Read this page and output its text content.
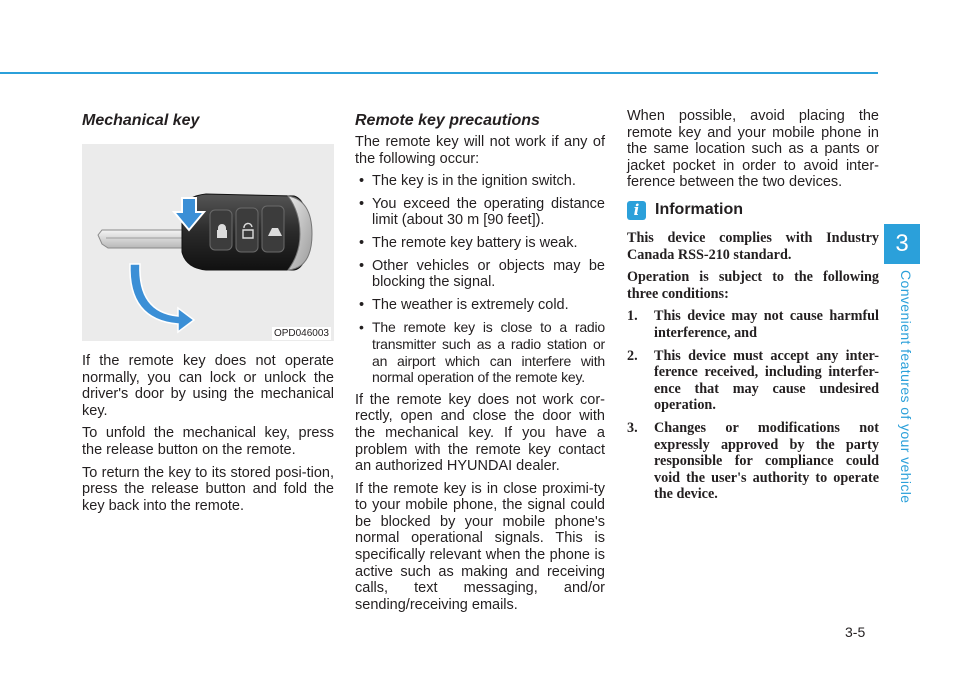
Mechanical key
OPD046003

If the remote key does not operate normally, you can lock or unlock the driver's door by using the mechanical key.

To unfold the mechanical key, press the release button on the remote.

To return the key to its stored posi-tion, press the release button and fold the key back into the remote.

Remote key precautions

The remote key will not work if any of the following occur:

• The key is in the ignition switch.
• You exceed the operating distance limit (about 30 m [90 feet]).
• The remote key battery is weak.
• Other vehicles or objects may be blocking the signal.
• The weather is extremely cold.
• The remote key is close to a radio transmitter such as a radio station or an airport which can interfere with normal operation of the remote key.

If the remote key does not work cor-rectly, open and close the door with the mechanical key. If you have a problem with the remote key contact an authorized HYUNDAI dealer.

If the remote key is in close proximi-ty to your mobile phone, the signal could be blocked by your mobile phone's normal operational signals. This is specifically relevant when the phone is active such as making and receiving calls, text messaging, and/or sending/receiving emails.

When possible, avoid placing the remote key and your mobile phone in the same location such as a pants or jacket pocket in order to avoid inter-ference between the two devices.

i Information

This device complies with Industry Canada RSS-210 standard.

Operation is subject to the following three conditions:

1. This device may not cause harmful interference, and
2. This device must accept any inter-ference received, including interfer-ence that may cause undesired operation.
3. Changes or modifications not expressly approved by the party responsible for compliance could void the user's authority to operate the device.
3
Convenient features of your vehicle
3-5
